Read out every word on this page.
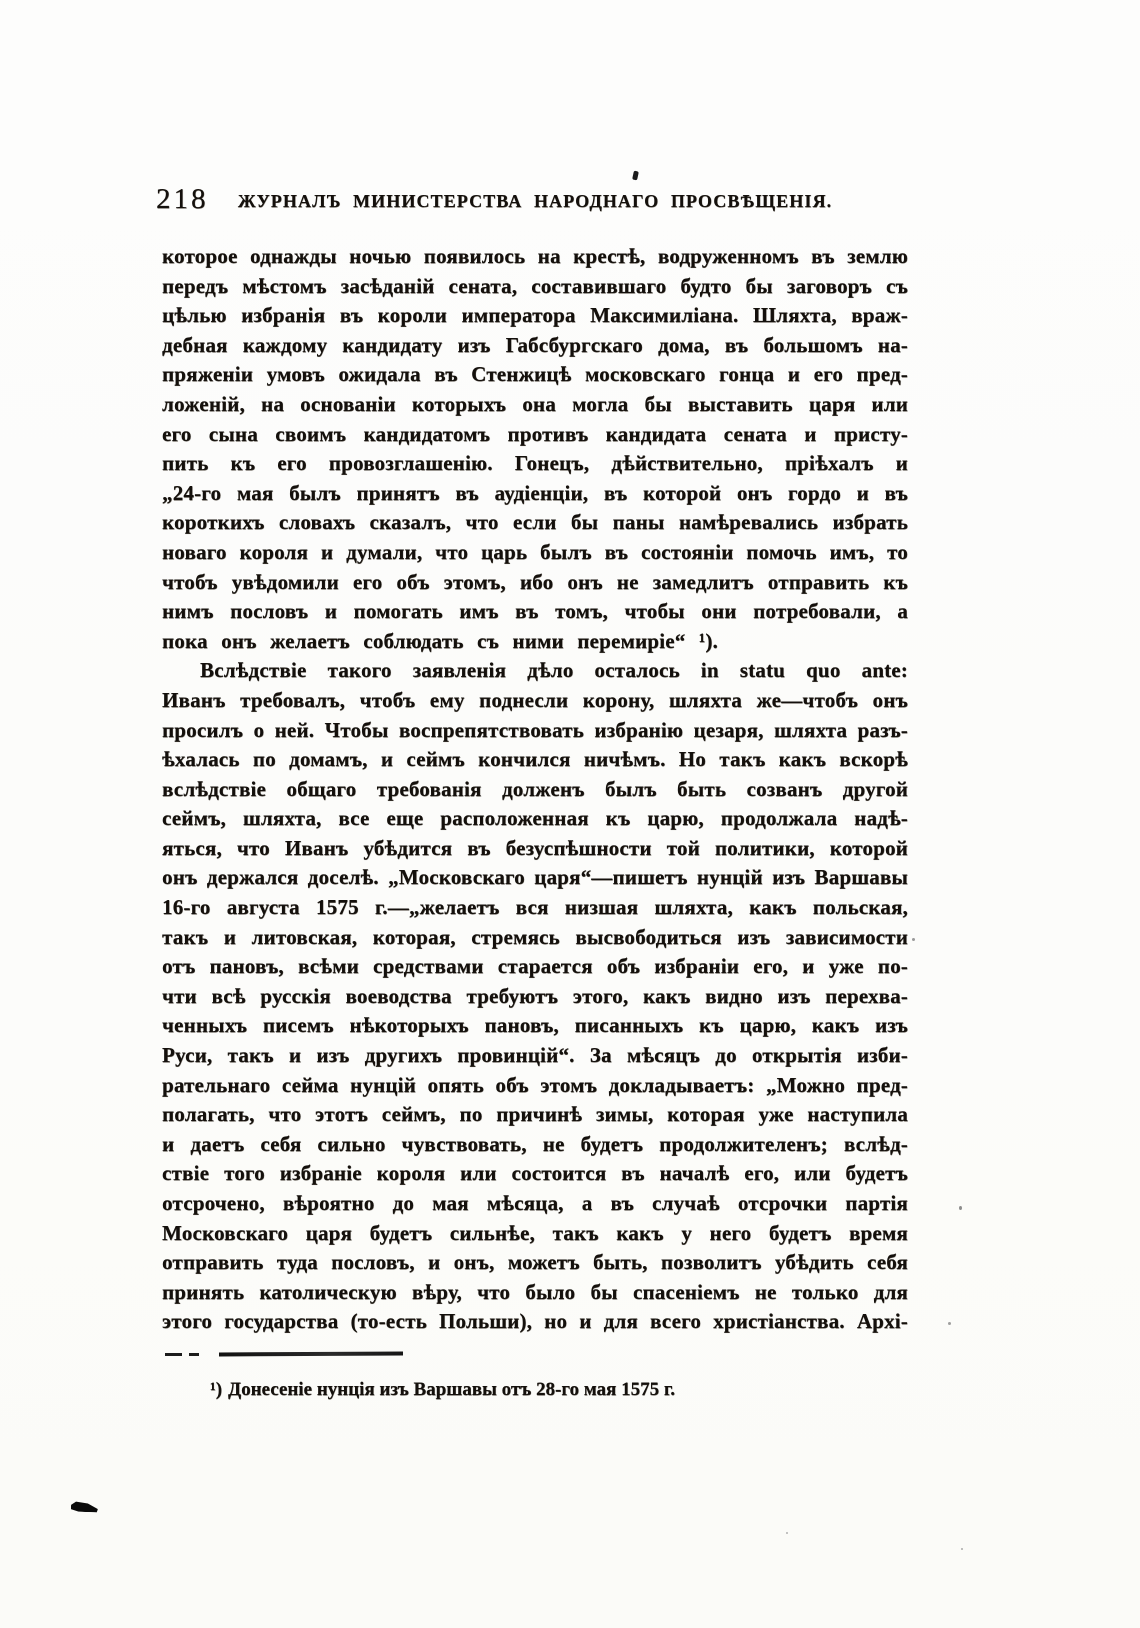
218 ЖУРНАЛЪ МИНИСТЕРСТВА НАРОДНАГО ПРОСВѢЩЕНІЯ.
которое однажды ночью появилось на крестѣ, водруженномъ въ землю
передъ мѣстомъ засѣданій сената, составившаго будто бы заговоръ съ
цѣлью избранія въ короли императора Максимиліана. Шляхта, враж-
дебная каждому кандидату изъ Габсбургскаго дома, въ большомъ на-
пряженіи умовъ ожидала въ Стенжицѣ московскаго гонца и его пред-
ложеній, на основаніи которыхъ она могла бы выставить царя или
его сына своимъ кандидатомъ противъ кандидата сената и присту-
пить къ его провозглашенію. Гонецъ, дѣйствительно, пріѣхалъ и
„24-го мая былъ принятъ въ аудіенціи, въ которой онъ гордо и въ
короткихъ словахъ сказалъ, что если бы паны намѣревались избрать
новаго короля и думали, что царь былъ въ состояніи помочь имъ, то
чтобъ увѣдомили его объ этомъ, ибо онъ не замедлитъ отправить къ
нимъ пословъ и помогать имъ въ томъ, чтобы они потребовали, а
пока онъ желаетъ соблюдать съ ними перемиріе“ ¹).
Вслѣдствіе такого заявленія дѣло осталось in statu quo ante:
Иванъ требовалъ, чтобъ ему поднесли корону, шляхта же—чтобъ онъ
просилъ о ней. Чтобы воспрепятствовать избранію цезаря, шляхта разъ-
ѣхалась по домамъ, и сеймъ кончился ничѣмъ. Но такъ какъ вскорѣ
вслѣдствіе общаго требованія долженъ былъ быть созванъ другой
сеймъ, шляхта, все еще расположенная къ царю, продолжала надѣ-
яться, что Иванъ убѣдится въ безуспѣшности той политики, которой
онъ держался доселѣ. „Московскаго царя“—пишетъ нунцій изъ Варшавы
16-го августа 1575 г.—„желаетъ вся низшая шляхта, какъ польская,
такъ и литовская, которая, стремясь высвободиться изъ зависимости
отъ пановъ, всѣми средствами старается объ избраніи его, и уже по-
чти всѣ русскія воеводства требуютъ этого, какъ видно изъ перехва-
ченныхъ писемъ нѣкоторыхъ пановъ, писанныхъ къ царю, какъ изъ
Руси, такъ и изъ другихъ провинцій“. За мѣсяцъ до открытія изби-
рательнаго сейма нунцій опять объ этомъ докладываетъ: „Можно пред-
полагать, что этотъ сеймъ, по причинѣ зимы, которая уже наступила
и даетъ себя сильно чувствовать, не будетъ продолжителенъ; вслѣд-
ствіе того избраніе короля или состоится въ началѣ его, или будетъ
отсрочено, вѣроятно до мая мѣсяца, а въ случаѣ отсрочки партія
Московскаго царя будетъ сильнѣе, такъ какъ у него будетъ время
отправить туда пословъ, и онъ, можетъ быть, позволитъ убѣдить себя
принять католическую вѣру, что было бы спасеніемъ не только для
этого государства (то-есть Польши), но и для всего христіанства. Архі-
¹) Донесеніе нунція изъ Варшавы отъ 28-го мая 1575 г.
